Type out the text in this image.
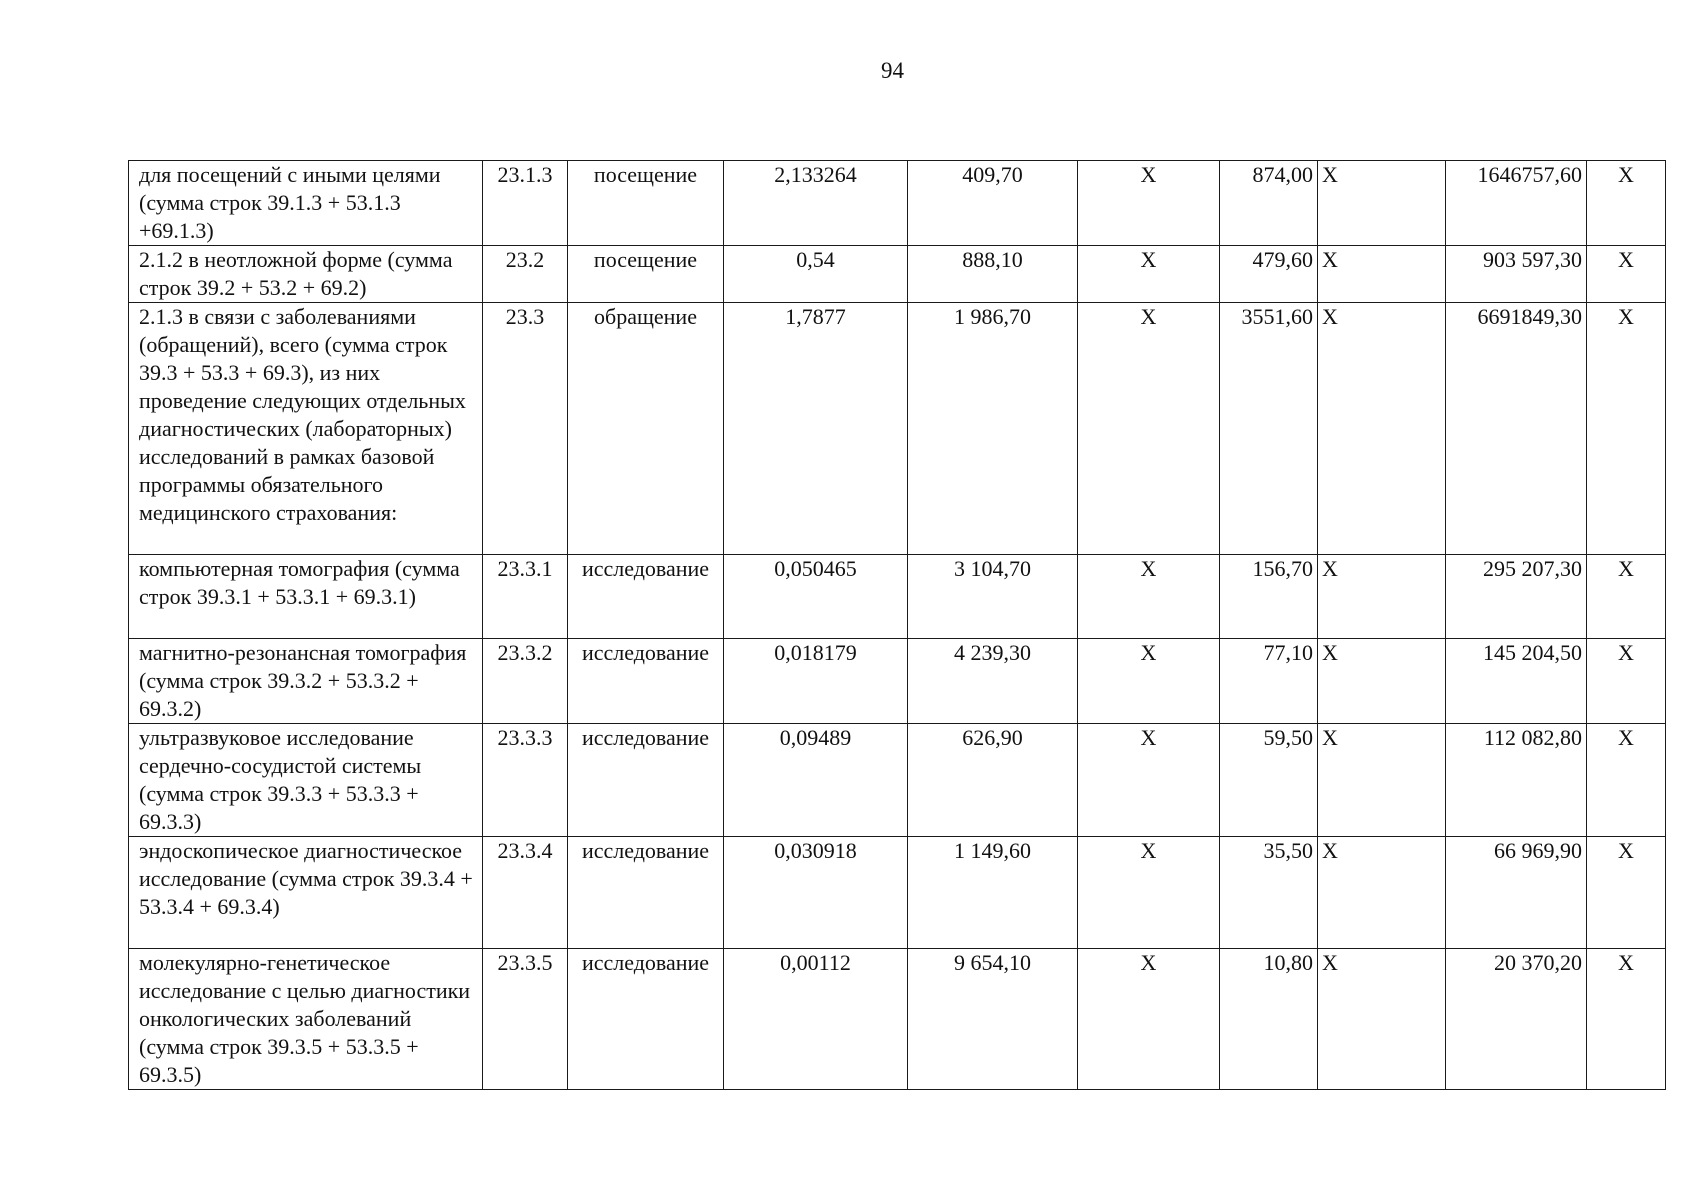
94
для посещений с иными целями (сумма строк 39.1.3 + 53.1.3 +69.1.3)	23.1.3	посещение	2,133264	409,70	X	874,00	X	1646757,60	X
2.1.2 в неотложной форме (сумма строк 39.2 + 53.2 + 69.2)	23.2	посещение	0,54	888,10	X	479,60	X	903 597,30	X
2.1.3 в связи с заболеваниями (обращений), всего (сумма строк 39.3 + 53.3 + 69.3), из них проведение следующих отдельных диагностических (лабораторных) исследований в рамках базовой программы обязательного медицинского страхования:	23.3	обращение	1,7877	1 986,70	X	3551,60	X	6691849,30	X
компьютерная томография (сумма строк 39.3.1 + 53.3.1 + 69.3.1)	23.3.1	исследование	0,050465	3 104,70	X	156,70	X	295 207,30	X
магнитно-резонансная томография (сумма строк 39.3.2 + 53.3.2 + 69.3.2)	23.3.2	исследование	0,018179	4 239,30	X	77,10	X	145 204,50	X
ультразвуковое исследование сердечно-сосудистой системы (сумма строк 39.3.3 + 53.3.3 + 69.3.3)	23.3.3	исследование	0,09489	626,90	X	59,50	X	112 082,80	X
эндоскопическое диагностическое исследование (сумма строк 39.3.4 + 53.3.4 + 69.3.4)	23.3.4	исследование	0,030918	1 149,60	X	35,50	X	66 969,90	X
молекулярно-генетическое исследование с целью диагностики онкологических заболеваний (сумма строк 39.3.5 + 53.3.5 + 69.3.5)	23.3.5	исследование	0,00112	9 654,10	X	10,80	X	20 370,20	X
